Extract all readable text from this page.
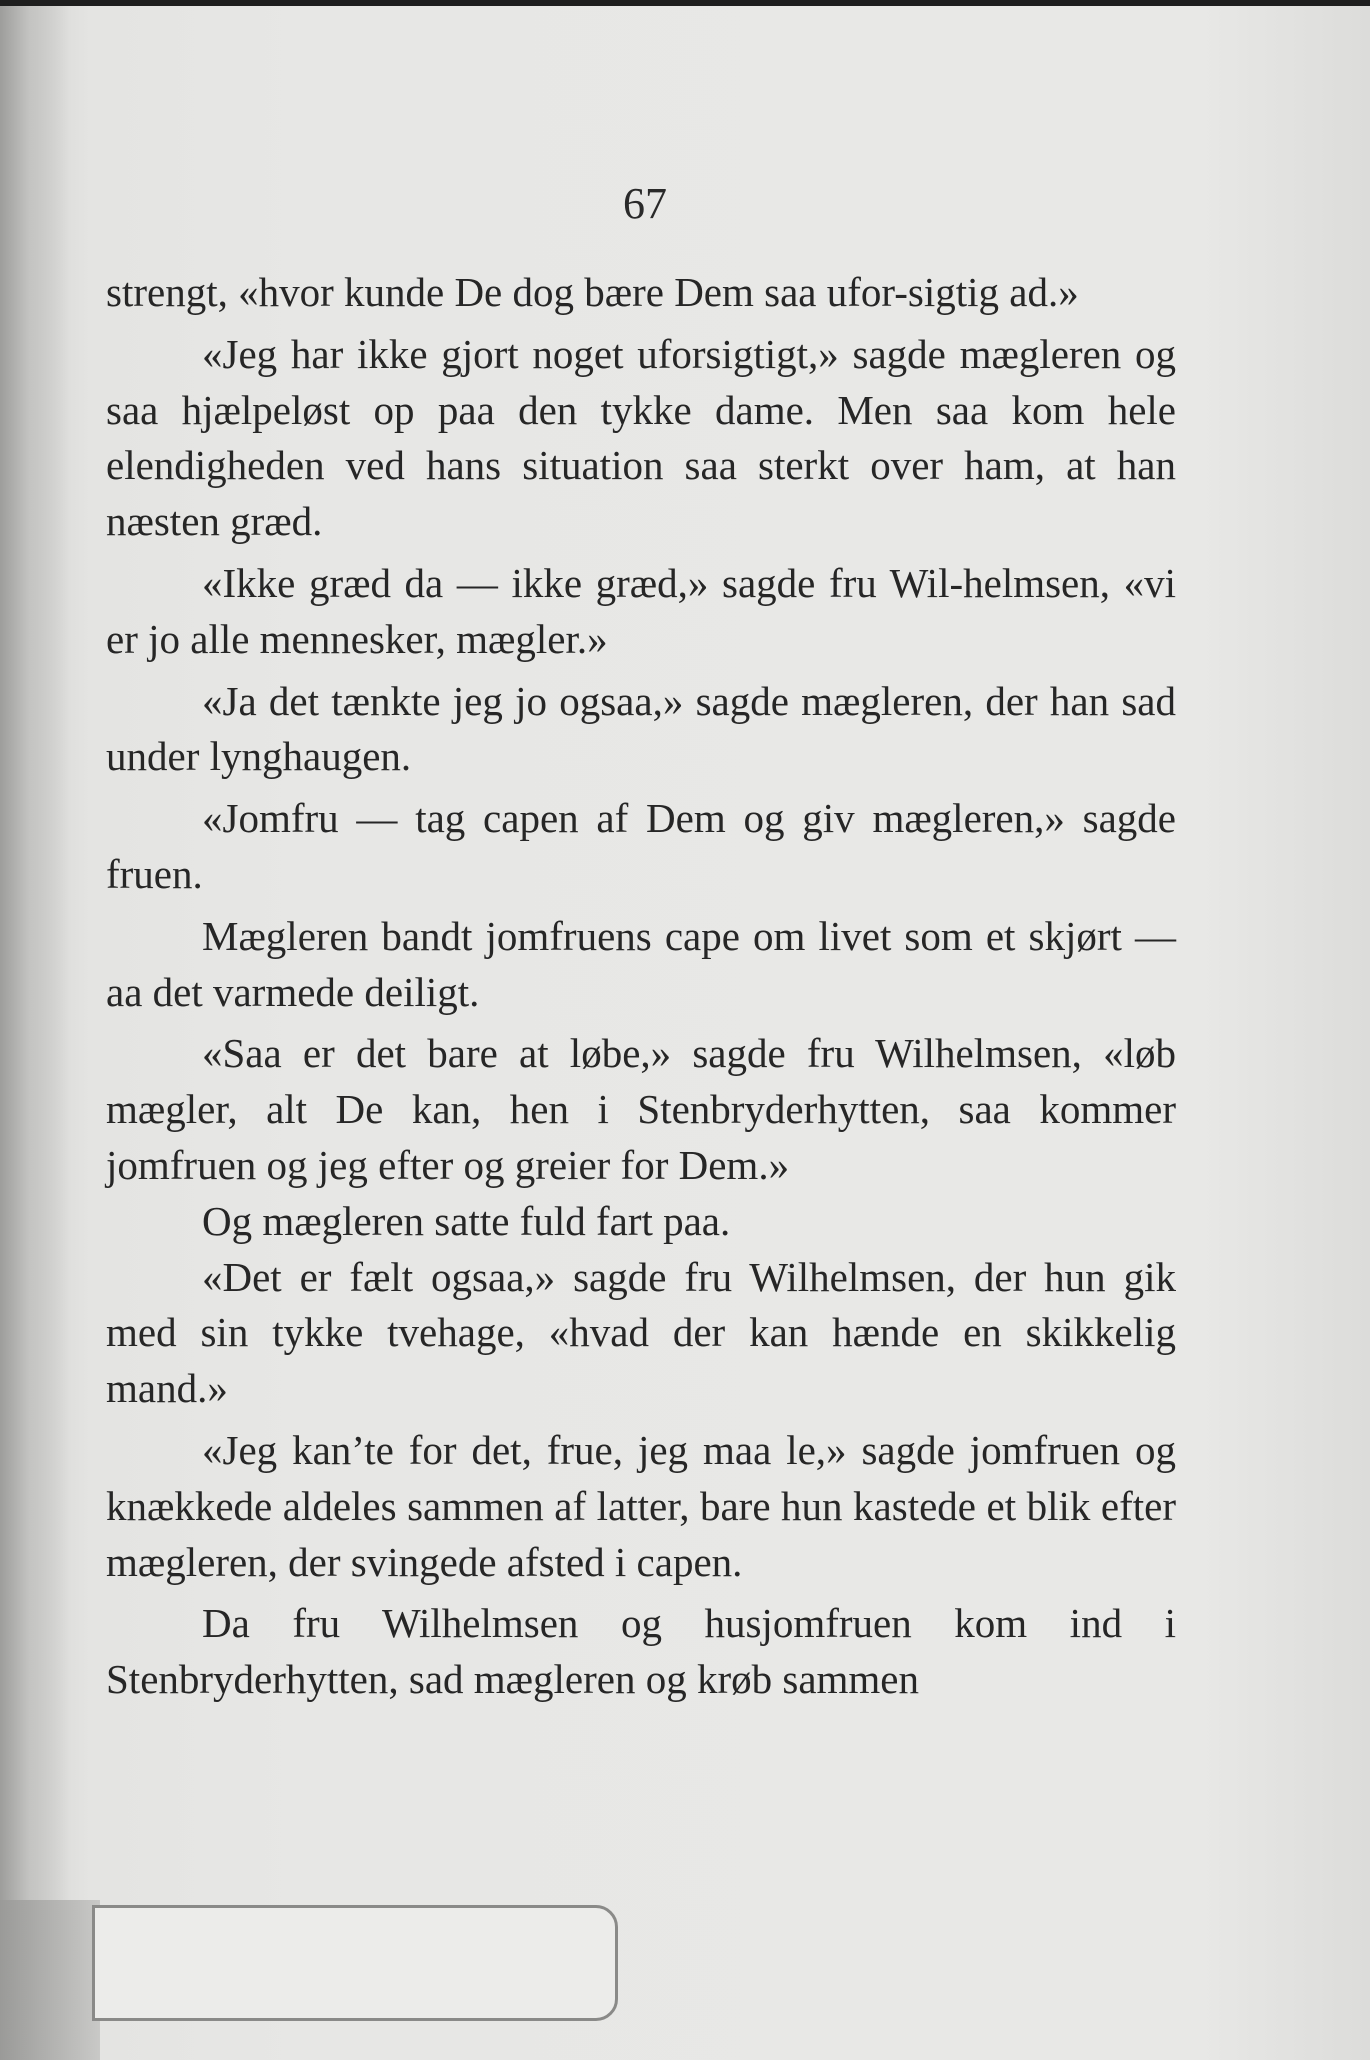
67

strengt, «hvor kunde De dog bære Dem saa ufor-sigtig ad.»

«Jeg har ikke gjort noget uforsigtigt,» sagde mægleren og saa hjælpeløst op paa den tykke dame. Men saa kom hele elendigheden ved hans situation saa sterkt over ham, at han næsten græd.

«Ikke græd da — ikke græd,» sagde fru Wil-helmsen, «vi er jo alle mennesker, mægler.»

«Ja det tænkte jeg jo ogsaa,» sagde mægleren, der han sad under lynghaugen.

«Jomfru — tag capen af Dem og giv mægleren,» sagde fruen.

Mægleren bandt jomfruens cape om livet som et skjørt — aa det varmede deiligt.

«Saa er det bare at løbe,» sagde fru Wilhelmsen, «løb mægler, alt De kan, hen i Stenbryderhytten, saa kommer jomfruen og jeg efter og greier for Dem.»

Og mægleren satte fuld fart paa.

«Det er fælt ogsaa,» sagde fru Wilhelmsen, der hun gik med sin tykke tvehage, «hvad der kan hænde en skikkelig mand.»

«Jeg kan’te for det, frue, jeg maa le,» sagde jomfruen og knækkede aldeles sammen af latter, bare hun kastede et blik efter mægleren, der svingede afsted i capen.

Da fru Wilhelmsen og husjomfruen kom ind i Stenbryderhytten, sad mægleren og krøb sammen
